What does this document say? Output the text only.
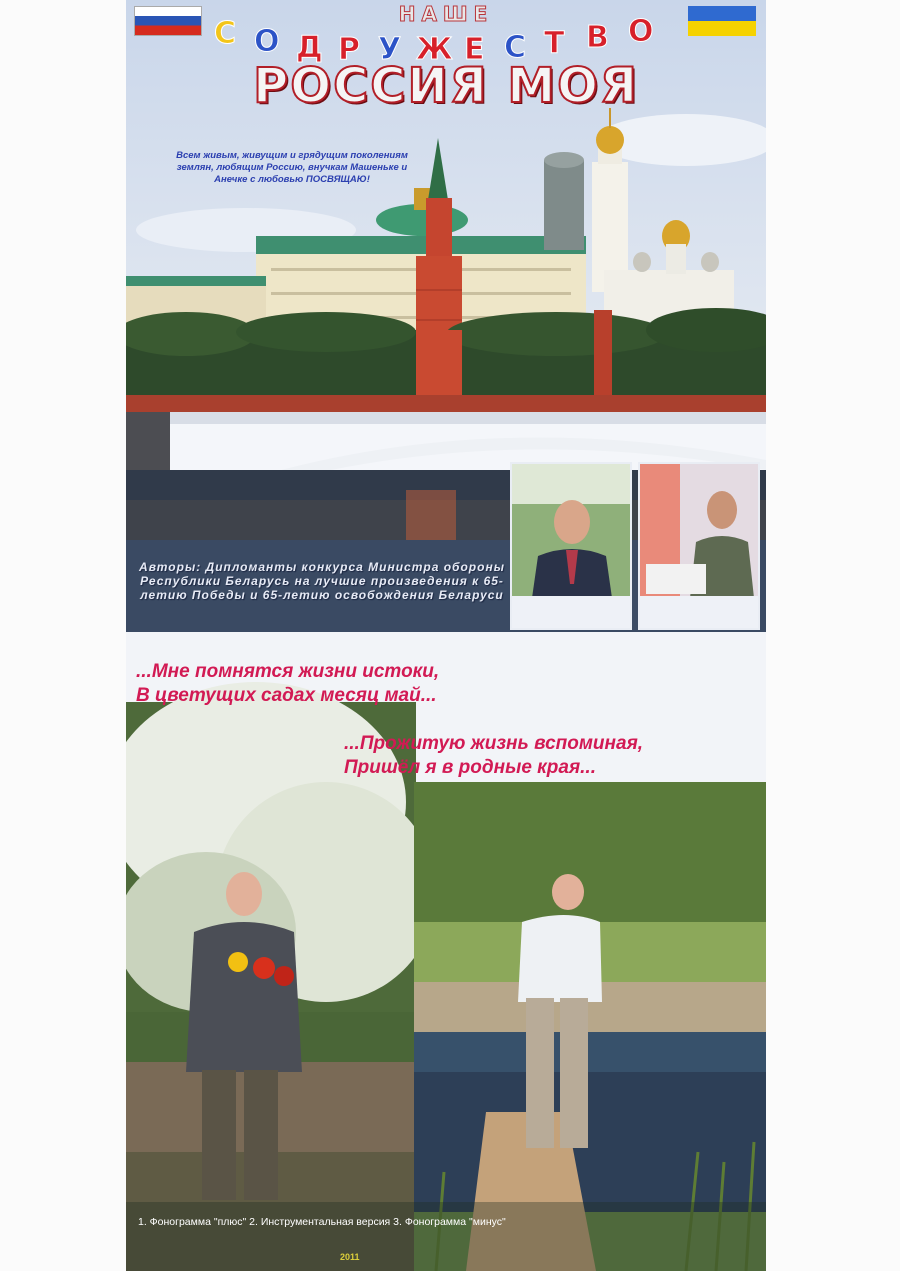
НАШЕ
С О Д Р У Ж Е С Т В О
РОССИЯ МОЯ
Всем живым, живущим и грядущим поколениям землян, любящим Россию, внучкам Машеньке и Анечке с любовью ПОСВЯЩАЮ!
Авторы: Дипломанты конкурса Министра обороны Республики Беларусь на лучшие произведения к 65-летию Победы и 65-летию освобождения Беларуси
...Мне помнятся жизни истоки,
В цветущих садах месяц май...
...Прожитую жизнь вспоминая,
Пришёл я в родные края...
1. Фонограмма "плюс" 2. Инструментальная версия 3. Фонограмма "минус"
2011
